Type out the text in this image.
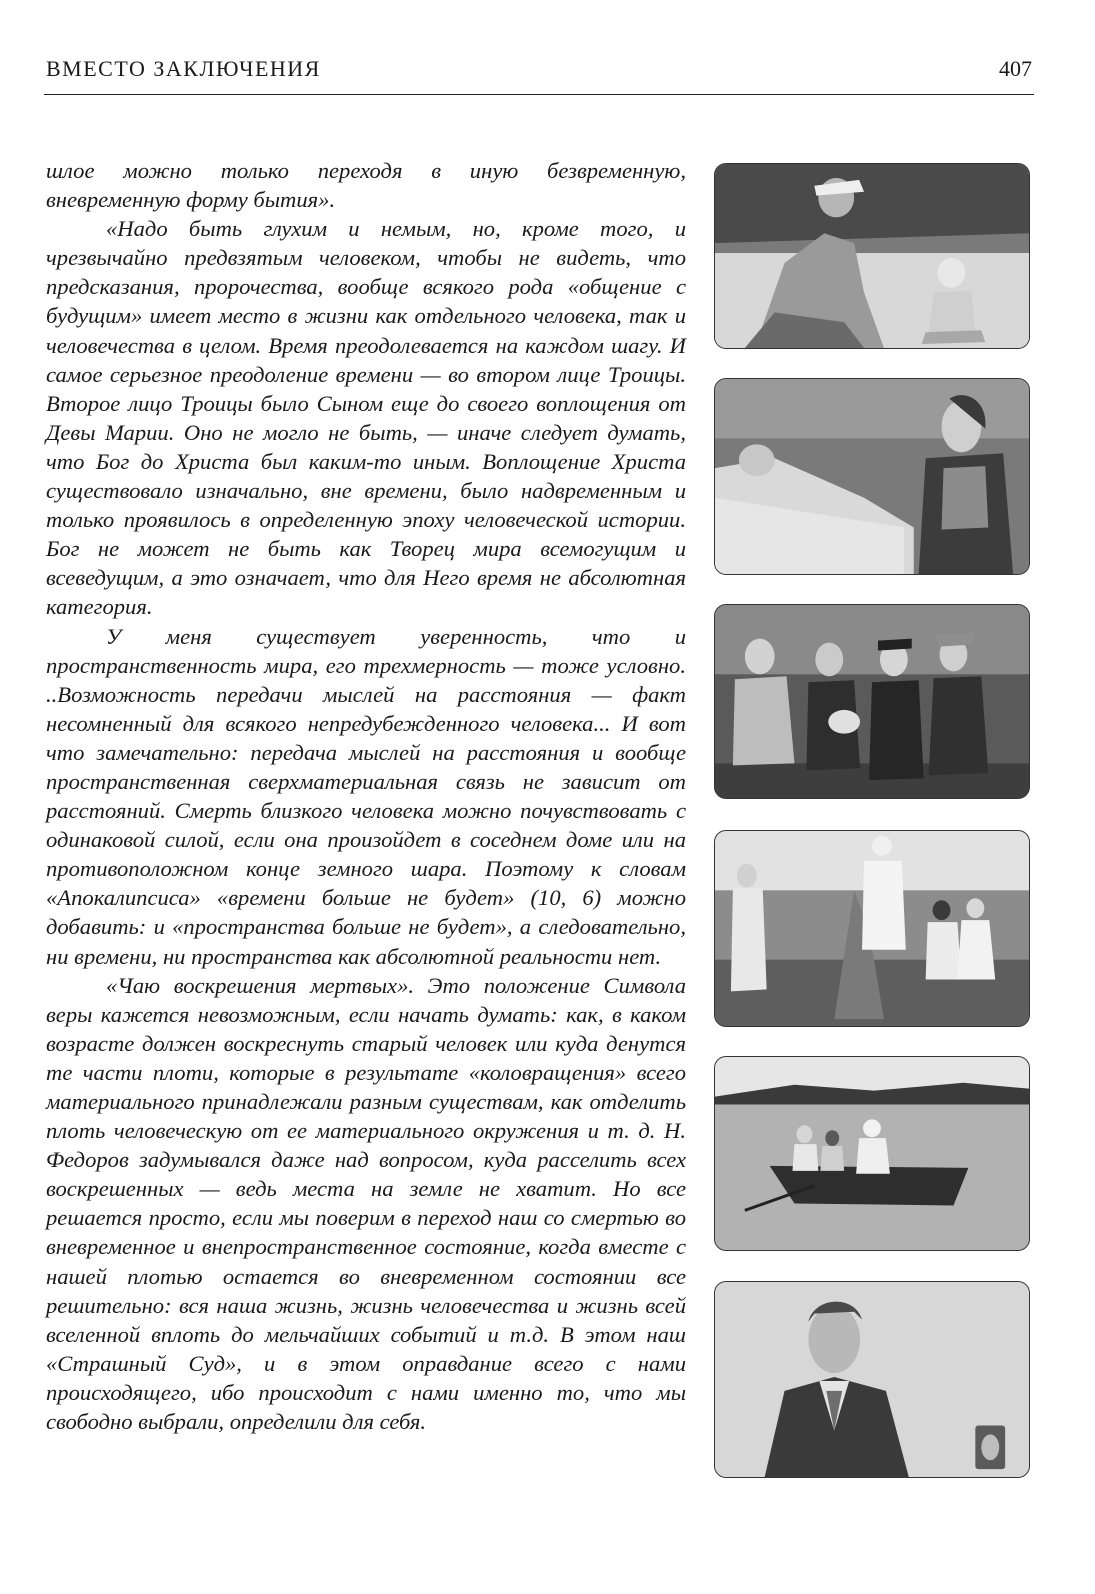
ВМЕСТО ЗАКЛЮЧЕНИЯ	407

шлое можно только переходя в иную безвременную, вневременную форму бытия».

«Надо быть глухим и немым, но, кроме того, и чрезвычайно предвзятым человеком, чтобы не видеть, что предсказания, пророчества, вообще всякого рода «общение с будущим» имеет место в жизни как отдельного человека, так и человечества в целом. Время преодолевается на каждом шагу. И самое серьезное преодоление времени — во втором лице Троицы. Второе лицо Троицы было Сыном еще до своего воплощения от Девы Марии. Оно не могло не быть, — иначе следует думать, что Бог до Христа был каким-то иным. Воплощение Христа существовало изначально, вне времени, было надвременным и только проявилось в определенную эпоху человеческой истории. Бог не может не быть как Творец мира всемогущим и всеведущим, а это означает, что для Него время не абсолютная категория.

У меня существует уверенность, что и пространственность мира, его трехмерность — тоже условно. ..Возможность передачи мыслей на расстояния — факт несомненный для всякого непредубежденного человека... И вот что замечательно: передача мыслей на расстояния и вообще пространственная сверхматериальная связь не зависит от расстояний. Смерть близкого человека можно почувствовать с одинаковой силой, если она произойдет в соседнем доме или на противоположном конце земного шара. Поэтому к словам «Апокалипсиса» «времени больше не будет» (10, 6) можно добавить: и «пространства больше не будет», а следовательно, ни времени, ни пространства как абсолютной реальности нет.

«Чаю воскрешения мертвых». Это положение Символа веры кажется невозможным, если начать думать: как, в каком возрасте должен воскреснуть старый человек или куда денутся те части плоти, которые в результате «коловращения» всего материального принадлежали разным существам, как отделить плоть человеческую от ее материального окружения и т. д. Н. Федоров задумывался даже над вопросом, куда расселить всех воскрешенных — ведь места на земле не хватит. Но все решается просто, если мы поверим в переход наш со смертью во вневременное и внепространственное состояние, когда вместе с нашей плотью остается во вневременном состоянии все решительно: вся наша жизнь, жизнь человечества и жизнь всей вселенной вплоть до мельчайших событий и т.д. В этом наш «Страшный Суд», и в этом оправдание всего с нами происходящего, ибо происходит с нами именно то, что мы свободно выбрали, определили для себя.
